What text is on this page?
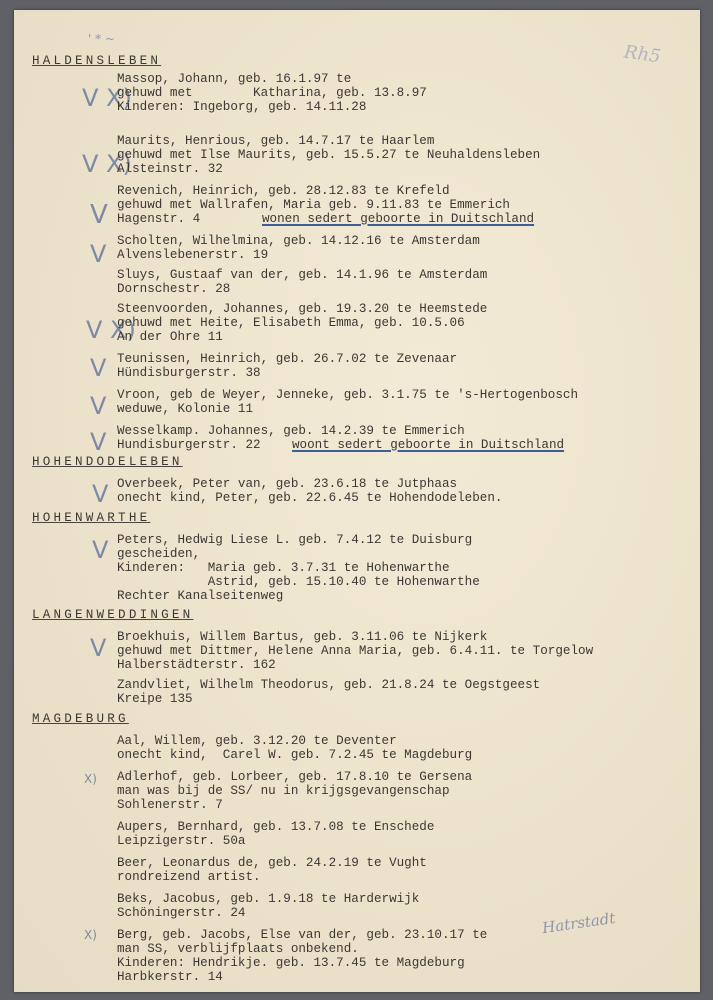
' * ~
Rh5
HALDENSLEBEN
V X)
Massop, Johann, geb. 16.1.97 te
gehuwd met        Katharina, geb. 13.8.97
Kinderen: Ingeborg, geb. 14.11.28
V X)
Maurits, Henrious, geb. 14.7.17 te Haarlem
gehuwd met Ilse Maurits, geb. 15.5.27 te Neuhaldensleben
Alsteinstr. 32
V
Revenich, Heinrich, geb. 28.12.83 te Krefeld
gehuwd met Wallrafen, Maria geb. 9.11.83 te Emmerich
Hagenstr. 4	wonen sedert geboorte in Duitschland
V Scholten, Wilhelmina, geb. 14.12.16 te Amsterdam
Alvenslebenerstr. 19
Sluys, Gustaaf van der, geb. 14.1.96 te Amsterdam
Dornschestr. 28
V X)
Steenvoorden, Johannes, geb. 19.3.20 te Heemstede
gehuwd met Heite, Elisabeth Emma, geb. 10.5.06
An der Ohre 11
V Teunissen, Heinrich, geb. 26.7.02 te Zevenaar
Hündisburgerstr. 38
V Vroon, geb de Weyer, Jenneke, geb. 3.1.75 te 's-Hertogenbosch
weduwe, Kolonie 11
V Wesselkamp. Johannes, geb. 14.2.39 te Emmerich
Hundisburgerstr. 22 woont sedert geboorte in Duitschland
HOHENDODELEBEN
V Overbeek, Peter van, geb. 23.6.18 te Jutphaas
onecht kind, Peter, geb. 22.6.45 te Hohendodeleben.
HOHENWARTHE
V Peters, Hedwig Liese L. geb. 7.4.12 te Duisburg
gescheiden,
Kinderen:   Maria geb. 3.7.31 te Hohenwarthe
Astrid, geb. 15.10.40 te Hohenwarthe
Rechter Kanalseitenweg
LANGENWEDDINGEN
V Broekhuis, Willem Bartus, geb. 3.11.06 te Nijkerk
gehuwd met Dittmer, Helene Anna Maria, geb. 6.4.11. te Torgelow
Halberstädterstr. 162
Zandvliet, Wilhelm Theodorus, geb. 21.8.24 te Oegstgeest
Kreipe 135
MAGDEBURG
Aal, Willem, geb. 3.12.20 te Deventer
onecht kind,  Carel W. geb. 7.2.45 te Magdeburg
X) Adlerhof, geb. Lorbeer, geb. 17.8.10 te Gersena
man was bij de SS/ nu in krijgsgevangenschap
Sohlenerstr. 7
Aupers, Bernhard, geb. 13.7.08 te Enschede
Leipzigerstr. 50a
Beer, Leonardus de, geb. 24.2.19 te Vught
rondreizend artist.
Beks, Jacobus, geb. 1.9.18 te Harderwijk
Schöningerstr. 24
X)	Hatrstadt
Berg, geb. Jacobs, Else van der, geb. 23.10.17 te
man SS, verblijfplaats onbekend.
Kinderen: Hendrikje. geb. 13.7.45 te Magdeburg
Harbkerstr. 14
